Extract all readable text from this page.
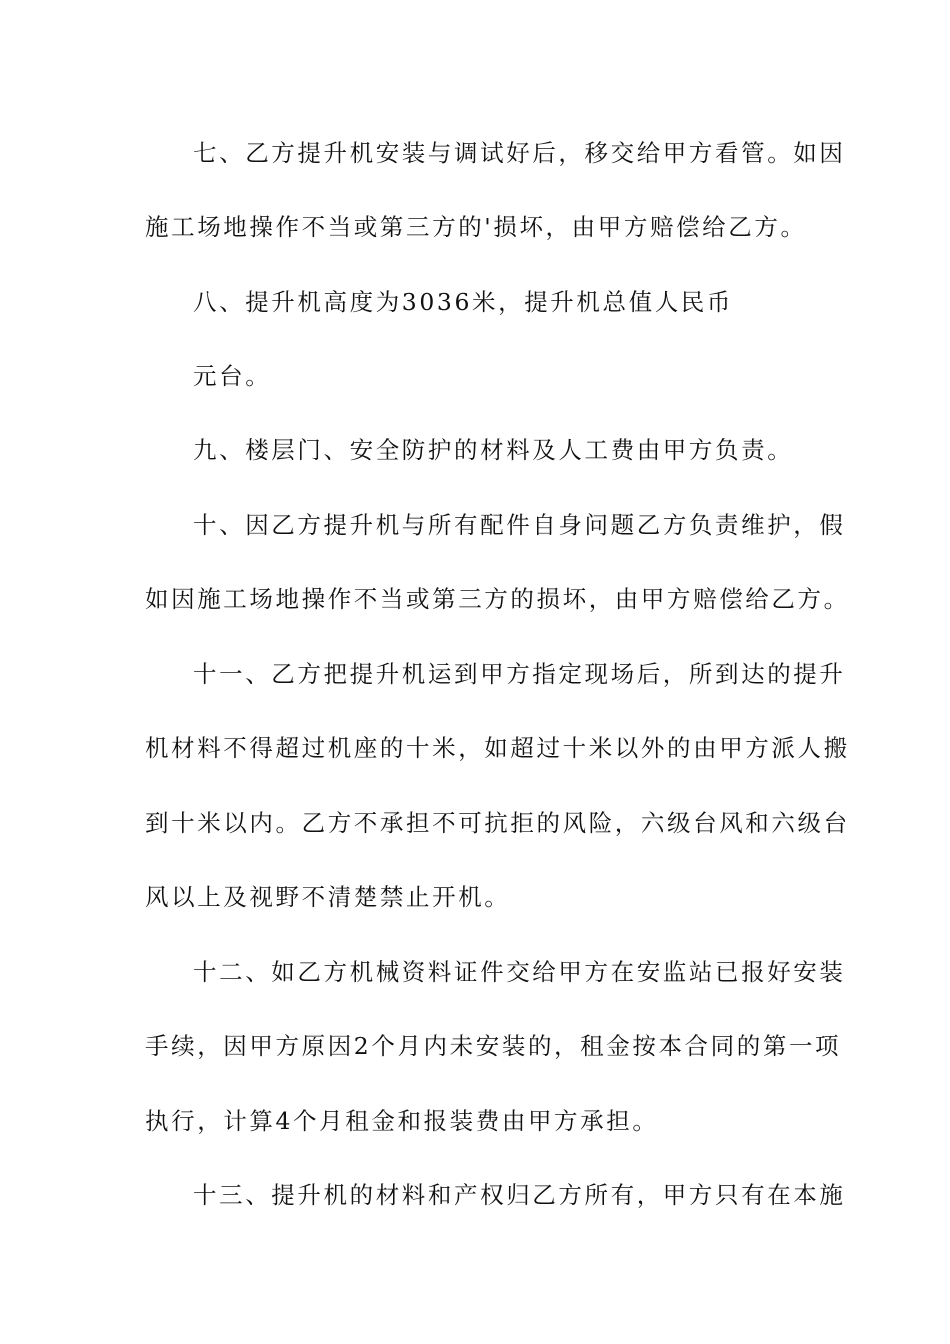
七、乙方提升机安装与调试好后，移交给甲方看管。如因
施工场地操作不当或第三方的'损坏，由甲方赔偿给乙方。
八、提升机高度为3036米，提升机总值人民币
元台。
九、楼层门、安全防护的材料及人工费由甲方负责。
十、因乙方提升机与所有配件自身问题乙方负责维护，假
如因施工场地操作不当或第三方的损坏，由甲方赔偿给乙方。
十一、乙方把提升机运到甲方指定现场后，所到达的提升
机材料不得超过机座的十米，如超过十米以外的由甲方派人搬
到十米以内。乙方不承担不可抗拒的风险，六级台风和六级台
风以上及视野不清楚禁止开机。
十二、如乙方机械资料证件交给甲方在安监站已报好安装
手续，因甲方原因2个月内未安装的，租金按本合同的第一项
执行，计算4个月租金和报装费由甲方承担。
十三、提升机的材料和产权归乙方所有，甲方只有在本施
